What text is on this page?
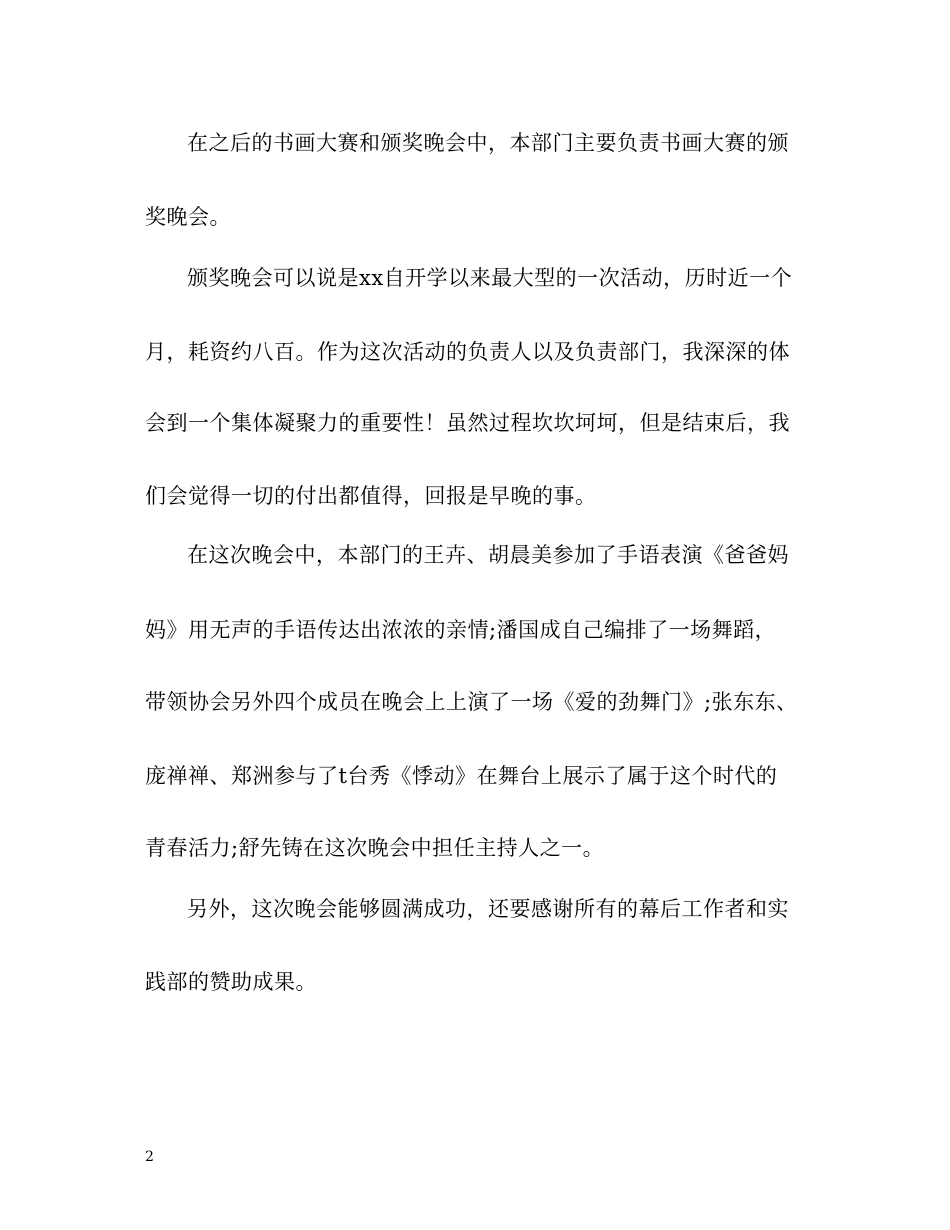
在之后的书画大赛和颁奖晚会中，本部门主要负责书画大赛的颁
奖晚会。
颁奖晚会可以说是xx自开学以来最大型的一次活动，历时近一个
月，耗资约八百。作为这次活动的负责人以及负责部门，我深深的体
会到一个集体凝聚力的重要性！虽然过程坎坎坷坷，但是结束后，我
们会觉得一切的付出都值得，回报是早晚的事。
在这次晚会中，本部门的王卉、胡晨美参加了手语表演《爸爸妈
妈》用无声的手语传达出浓浓的亲情;潘国成自己编排了一场舞蹈，
带领协会另外四个成员在晚会上上演了一场《爱的劲舞门》;张东东、
庞禅禅、郑洲参与了t台秀《悸动》在舞台上展示了属于这个时代的
青春活力;舒先铸在这次晚会中担任主持人之一。
另外，这次晚会能够圆满成功，还要感谢所有的幕后工作者和实
践部的赞助成果。
2
